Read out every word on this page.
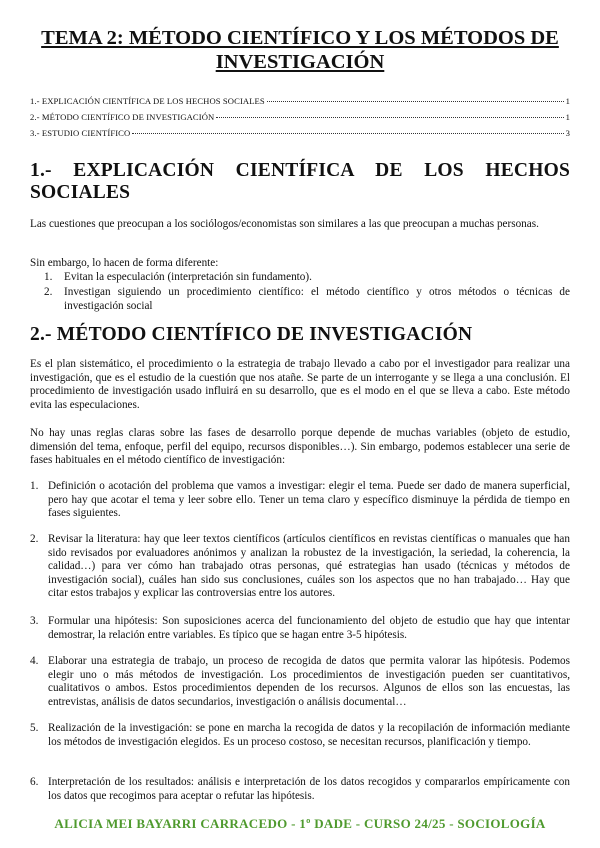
TEMA 2: MÉTODO CIENTÍFICO Y LOS MÉTODOS DE INVESTIGACIÓN
1.- EXPLICACIÓN CIENTÍFICA DE LOS HECHOS SOCIALES	1
2.- MÉTODO CIENTÍFICO DE INVESTIGACIÓN	1
3.- ESTUDIO CIENTÍFICO	3
1.- EXPLICACIÓN CIENTÍFICA DE LOS HECHOS SOCIALES
Las cuestiones que preocupan a los sociólogos/economistas son similares a las que preocupan a muchas personas.
Sin embargo, lo hacen de forma diferente:
1.	Evitan la especulación (interpretación sin fundamento).
2.	Investigan siguiendo un procedimiento científico: el método científico y otros métodos o técnicas de investigación social
2.- MÉTODO CIENTÍFICO DE INVESTIGACIÓN
Es el plan sistemático, el procedimiento o la estrategia de trabajo llevado a cabo por el investigador para realizar una investigación, que es el estudio de la cuestión que nos atañe. Se parte de un interrogante y se llega a una conclusión. El procedimiento de investigación usado influirá en su desarrollo, que es el modo en el que se lleva a cabo. Este método evita las especulaciones.
No hay unas reglas claras sobre las fases de desarrollo porque depende de muchas variables (objeto de estudio, dimensión del tema, enfoque, perfil del equipo, recursos disponibles…). Sin embargo, podemos establecer una serie de fases habituales en el método científico de investigación:
1. Definición o acotación del problema que vamos a investigar: elegir el tema. Puede ser dado de manera superficial, pero hay que acotar el tema y leer sobre ello. Tener un tema claro y específico disminuye la pérdida de tiempo en fases siguientes.
2. Revisar la literatura: hay que leer textos científicos (artículos científicos en revistas científicas o manuales que han sido revisados por evaluadores anónimos y analizan la robustez de la investigación, la seriedad, la coherencia, la calidad…) para ver cómo han trabajado otras personas, qué estrategias han usado (técnicas y métodos de investigación social), cuáles han sido sus conclusiones, cuáles son los aspectos que no han trabajado… Hay que citar estos trabajos y explicar las controversias entre los autores.
3. Formular una hipótesis: Son suposiciones acerca del funcionamiento del objeto de estudio que hay que intentar demostrar, la relación entre variables. Es típico que se hagan entre 3-5 hipótesis.
4. Elaborar una estrategia de trabajo, un proceso de recogida de datos que permita valorar las hipótesis. Podemos elegir uno o más métodos de investigación. Los procedimientos de investigación pueden ser cuantitativos, cualitativos o ambos. Estos procedimientos dependen de los recursos. Algunos de ellos son las encuestas, las entrevistas, análisis de datos secundarios, investigación o análisis documental…
5. Realización de la investigación: se pone en marcha la recogida de datos y la recopilación de información mediante los métodos de investigación elegidos. Es un proceso costoso, se necesitan recursos, planificación y tiempo.
6. Interpretación de los resultados: análisis e interpretación de los datos recogidos y compararlos empíricamente con los datos que recogimos para aceptar o refutar las hipótesis.
ALICIA MEI BAYARRI CARRACEDO - 1º DADE - CURSO 24/25 - SOCIOLOGÍA
